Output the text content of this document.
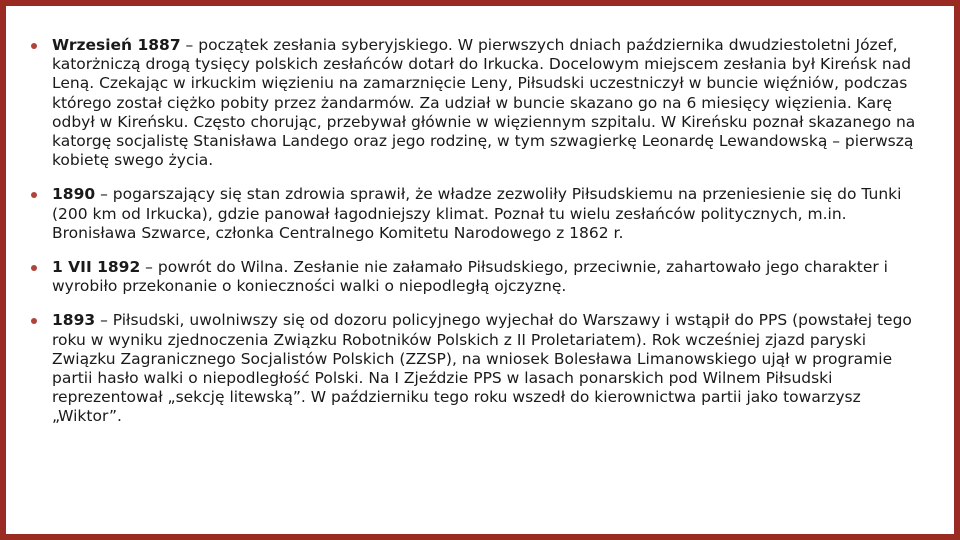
Wrzesień 1887 – początek zesłania syberyjskiego. W pierwszych dniach października dwudziestoletni Józef, katorżniczą drogą tysięcy polskich zesłańców dotarł do Irkucka. Docelowym miejscem zesłania był Kireńsk nad Leną. Czekając w irkuckim więzieniu na zamarznięcie Leny, Piłsudski uczestniczył w buncie więźniów, podczas którego został ciężko pobity przez żandarmów. Za udział w buncie skazano go na 6 miesięcy więzienia. Karę odbył w Kireńsku. Często chorując, przebywał głównie w więziennym szpitalu. W Kireńsku poznał skazanego na katorgę socjalistę Stanisława Landego oraz jego rodzinę, w tym szwagierkę Leonardę Lewandowską – pierwszą kobietę swego życia.
1890 – pogarszający się stan zdrowia sprawił, że władze zezwoliły Piłsudskiemu na przeniesienie się do Tunki (200 km od Irkucka), gdzie panował łagodniejszy klimat. Poznał tu wielu zesłańców politycznych, m.in. Bronisława Szwarce, członka Centralnego Komitetu Narodowego z 1862 r.
1 VII 1892 – powrót do Wilna. Zesłanie nie załamało Piłsudskiego, przeciwnie, zahartowało jego charakter i wyrobiło przekonanie o konieczności walki o niepodległą ojczyznę.
1893 – Piłsudski, uwolniwszy się od dozoru policyjnego wyjechał do Warszawy i wstąpił do PPS (powstałej tego roku w wyniku zjednoczenia Związku Robotników Polskich z II Proletariatem). Rok wcześniej zjazd paryski Związku Zagranicznego Socjalistów Polskich (ZZSP), na wniosek Bolesława Limanowskiego ujął w programie partii hasło walki o niepodległość Polski. Na I Zjeździe PPS w lasach ponarskich pod Wilnem Piłsudski reprezentował „sekcję litewską”. W październiku tego roku wszedł do kierownictwa partii jako towarzysz „Wiktor”.
